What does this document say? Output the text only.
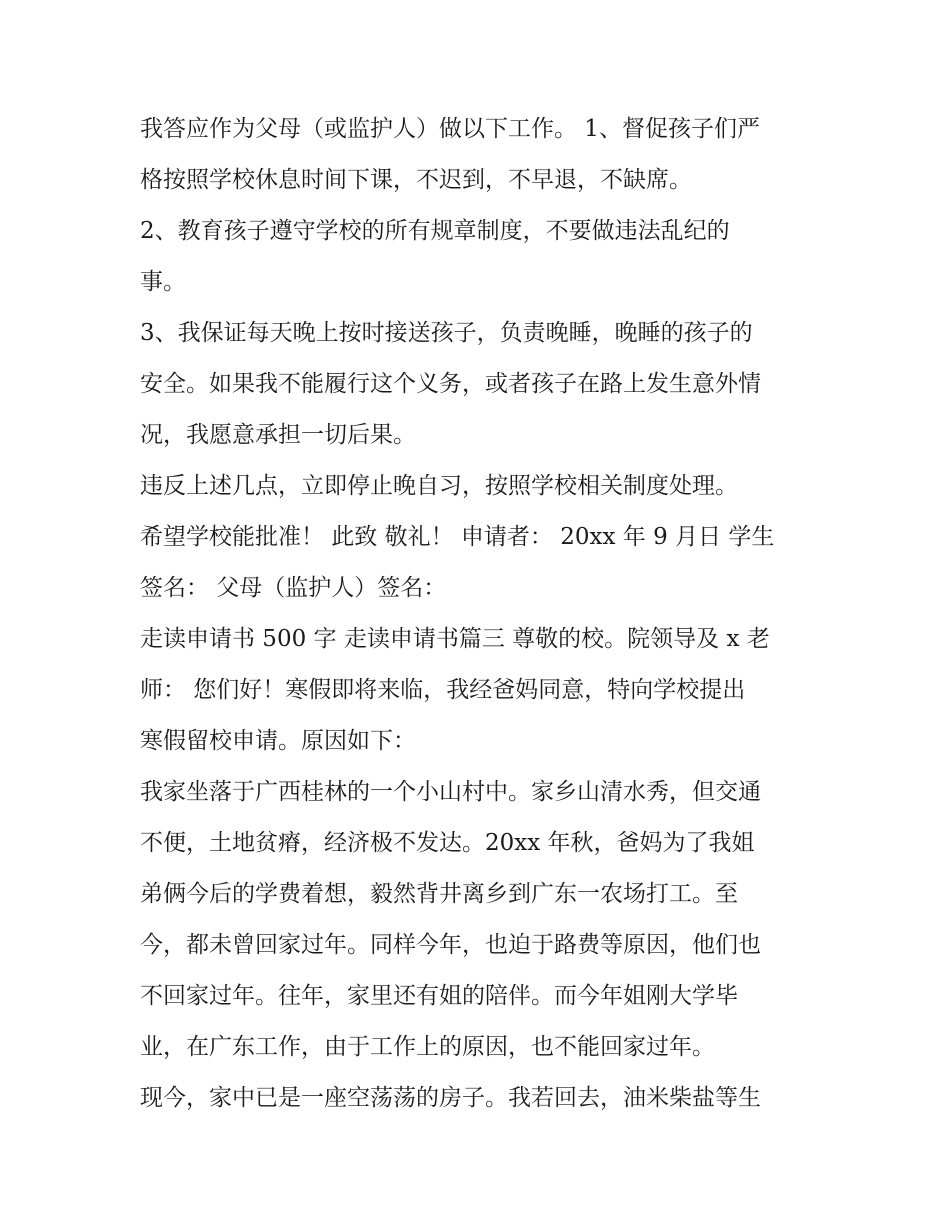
我答应作为父母（或监护人）做以下工作。 1、督促孩子们严
格按照学校休息时间下课，不迟到，不早退，不缺席。
2、教育孩子遵守学校的所有规章制度，不要做违法乱纪的
事。
3、我保证每天晚上按时接送孩子，负责晚睡，晚睡的孩子的
安全。如果我不能履行这个义务，或者孩子在路上发生意外情
况，我愿意承担一切后果。
违反上述几点，立即停止晚自习，按照学校相关制度处理。
希望学校能批准！ 此致 敬礼！ 申请者： 20xx 年 9 月日 学生
签名： 父母（监护人）签名：
走读申请书 500 字 走读申请书篇三 尊敬的校。院领导及 x 老
师： 您们好！寒假即将来临，我经爸妈同意，特向学校提出
寒假留校申请。原因如下：
我家坐落于广西桂林的一个小山村中。家乡山清水秀，但交通
不便，土地贫瘠，经济极不发达。20xx 年秋，爸妈为了我姐
弟俩今后的学费着想，毅然背井离乡到广东一农场打工。至
今，都未曾回家过年。同样今年，也迫于路费等原因，他们也
不回家过年。往年，家里还有姐的陪伴。而今年姐刚大学毕
业，在广东工作，由于工作上的原因，也不能回家过年。
现今，家中已是一座空荡荡的房子。我若回去，油米柴盐等生
